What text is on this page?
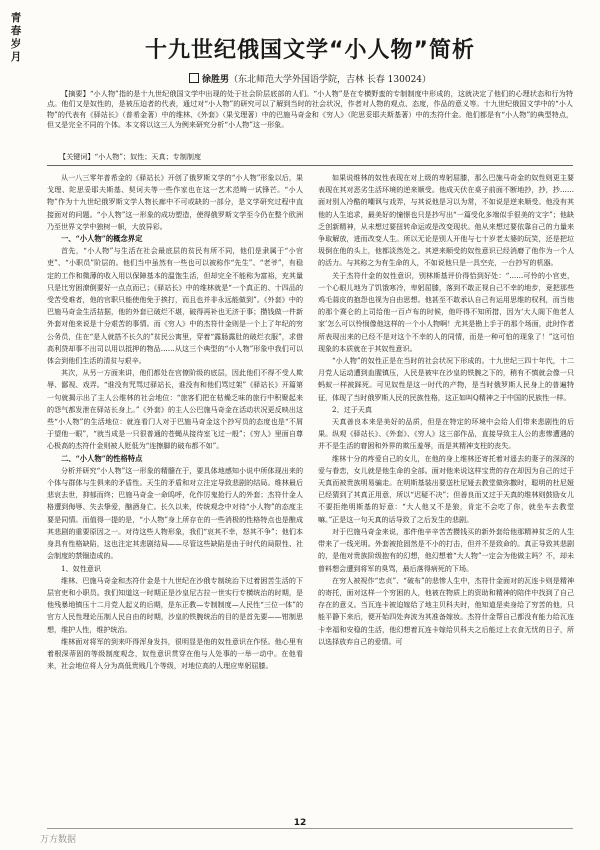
青
春
岁
月	十九世纪俄国文学“小人物”简析
徐胜男（东北师范大学外国语学院，吉林 长春 130024）
【摘要】“小人物”指的是十九世纪俄国文学中出现的处于社会阶层底部的人们。“小人物”是在专横野蛮的专制制度中形成的，这就决定了他们的心理状态和行为特点。他们又是奴性的，是被压迫者的代表，通过对“小人物”的研究可以了解到当时的社会状况，作者对人物的观点、态度，作品的意义等。十九世纪俄国文学中的“小人物”的代表有《驿站长》（普希金著）中的维林、《外套》（果戈理著）中的巴施马奇金和《穷人》（陀思妥耶夫斯基著）中的杰符什金。他们都是有“小人物”的典型特点，但又是完全不同的个体。本文将以这三人为例来研究分析“小人物”这一形象。
【关键词】“小人物”；奴性；天真；专制制度

从一八三零年普希金的《驿站长》开创了俄罗斯文学的“小人物”形象以后，果戈理、陀思妥耶夫斯基、契诃夫等一些作家也在这一艺术范畴一试锋芒。“小人物”作为十九世纪俄罗斯文学人物长廊中不可或缺的一部分，是文学研究过程中直接面对的问题。“小人物”这一形象的成功塑造，使得俄罗斯文学至今仍在整个欧洲乃至世界文学中独树一帜，大放异彩。

一、“小人物”的概念界定

首先，“小人物”与生活在社会最底层的贫民有所不同，他们是隶属于“小官吏”、“小职员”阶层的。他们当中虽然有一些也可以被称作“先生”、“老爷”，有稳定的工作和微薄的收入用以保障基本的温饱生活，但却完全不能称为富裕，充其量只是比穷困潦倒要好一点点而已；《驿站长》中的维林就是“一个真正的、十四品的受苦受难者，他的官职只能使他免于挨打，而且也并非永远能做到”。《外套》中的巴施马奇金生活拮据，他的外套已破烂不堪，破得再补也无济于事；攒钱做一件新外套对他来说是十分艰苦的事情。而《穷人》中的杰符什金则是一个上了年纪的穷公务员，住在“是人就搭不长久的”贫民公寓里，穿着“露肠露肚的破烂衣服”，求借高利贷却事不出司以用以抵押的物品……从这三个典型的“小人物”形象中我们可以体会到他们生活的清贫与艰辛。

其次，从另一方面来讲，他们都处在官僚阶级的底层，因此他们不得不受人欺辱、鄙视、戏弄。“谁没有咒骂过驿站长，谁没有和他们骂过架”《驿站长》开篇第一句就揭示出了主人公维林的社会地位：“旅客们把在枯燥乏味的旅行中积聚起来的怨气都发泄在驿站长身上。”《外套》的主人公巴施马奇金在活动状况更反映出这些“小人物”的生活地位：就连看门人对于巴施马奇金这个抄写员的态度也是“不屑于望他一眼”，“就当成是一只很普通的苍蝇从接待室飞过一般”；《穷人》里面自尊心极高的杰符什金则被人贬低为“连擦脚的破布都不如”。

二、“小人物”的性格特点

分析并研究“小人物”这一形象的精髓在于，要具体地感知小说中所体现出来的个体与群体与生俱来的矛盾性。天生的矛盾和对立注定导致悲剧的结局。维林最后悲哀去世，抑郁而终；巴施马奇金一命呜呼，化作厉鬼抢行人的外套；杰符什金人格遭到侮辱、失去挚爱，酗酒身亡。长久以来，传统观念中对待“小人物”的态度主要是同情。而值得一提的是，“小人物”身上所存在的一些消极的性格特点也是酿成其悲剧的重要原因之一。对待这些人物形象，我们“哀其不幸，怒其不争”；他们本身具有性格缺陷，这也注定其悲剧结局——尽管这些缺陷是由于时代的局限性、社会制度的禁锢造成的。

1、奴性意识

维林、巴施马奇金和杰符什金是十九世纪在沙俄专制统治下过着困苦生活的下层官吏和小职员。我们知道这一时期正是沙皇尼古拉一世实行专横统治的时期，是他残暴地镇压十二月党人起义的后期，是东正教—专制制度—人民性“三位一体”的官方人民性理论压制人民自由的时期，沙皇的铁腕统治的目的是首先要——钳制思想，维护人性，维护统治。

维林面对将军的到来吓得浑身发抖，很明显是他的奴性意识在作怪。他心里有着根深蒂固的等级制度观念，奴性意识贯穿在他与人处事的一举一动中。在他看来，社会地位将人分为高低贵贱几个等级，对地位高的人理应卑躬屈膝。

如果说维林的奴性表现在对上级的卑躬屈膝，那么巴施马奇金的奴性则更主要表现在其对恶劣生活环境的逆来顺受。他成天伏在桌子前面不断地抄，抄，抄……面对别人冷酷的嘲讽与戏弄，与其说他是习以为常，不如说是逆来顺受。他没有其他的人生追求，最美好的憧憬也只是抄写出“一篇受化多端似手很美的文字”；他缺乏创新精神，从未想过要扭转命运或是改变现状。他从来想过要依靠自己的力量来争取解放，进而改变人生。所以无论是别人开他与七十岁老太婆的玩笑，还是把垃圾倒在他的头上，他都淡然处之。其逆来顺受的奴性意识已经消磨了他作为一个人的活力。与其称之为有生命的人，不如说他只是一具空壳，一台抄写的机器。

关于杰符什金的奴性意识，别林斯基评价得恰到好处：“……可怜的小官吏，一个心眼儿地为了饥饿寒冷，卑躬屈膝，落到不敢正视自己不幸的地步，竟把那些鸡毛蒜皮的抱怨也视为自由思想。他甚至不敢承认自己有运用思维的权利，而当他的那个赛仑的上司给他一百卢布的时候，他吓得不知所措，因为‘大人阁下他老人家’怎么可以怜悯像他这样的一个小人物啊！尤其是勘上手于的那个场面，此时作者所表现出来的已经不是对这个不幸的人的同情，而是一种可怕的现象了！”这可怕现象的本质就在于其奴性意识。

“小人物”的奴性正是在当时的社会状况下形成的。十九世纪三四十年代，十二月党人运动遭到血腥镇压，人民是被牢在沙皇的铁腕之下的，稍有不慎就会像一只蚂蚁一样被踩死。可见奴性是这一时代的产物，是当时俄罗斯人民身上的普遍特征，体现了当时俄罗斯人民的民族性格，这正如叫Q精神之于中国的民族性一样。

2、过于天真

天真善良本来是美好的品质，但是在特定的环境中会给人们带来悲剧性的后果。纵观《驿站长》、《外套》、《穷人》这三部作品，直接导致主人公的悲惨遭遇的并不是生活的窘困和外界的欺压羞辱，而是其精神支柱的丧失。

维林十分的疼爱自己的女儿，在他的身上维林还寄托着对遥去的妻子的深深的爱与眷恋，女儿就是他生命的全部。面对他来说这样宝贵的存在却因为自己的过于天真而被贵族明易骗走。在明斯基装出要送杜尼娅去教堂做弥撒时，聪明的杜尼娅已经猜到了其真正用意，所以“迟疑不决”；但善良而又过于天真的维林则鼓励女儿不要拒绝明斯基的好意：“大人他又不是狼，肯定不会吃了你，就坐车去教堂嘛。”正是这一句天真的话导致了之后发生的悲剧。

对于巴施马奇金来说，那件他辛辛苦苦攒钱买的新外套给他那精神贫乏的人生带来了一线光明。外套被抢固然是不小的打击，但并不是致命的。真正导致其悲剧的，是他对贵族阶级抱有的幻想，他幻想着“大人物”一定会为他做主吗？不，却未曾料想会遭到将军的臭骂，最后落得病死的下场。

在穷人被视作“忠贞”、“破布”的悲惨人生中，杰符什金面对的瓦连卡则是精神的寄托，面对这样一个穷困的人，他被在物质上的资助和精神的陪伴中找到了自己存在的意义。当瓦连卡被迫嫁给了地主贝科夫时，他知道是卖身给了穷苦的他，只能平静下来后，便开始四处奔波为其准备嫁妆。杰符什金帮自己都没有能力给瓦连卡幸福和安稳的生活，他幻想着瓦连卡嫁给贝科夫之后能过上衣食无忧的日子，所以选择放弃自己的爱情。可

12
万方数据
